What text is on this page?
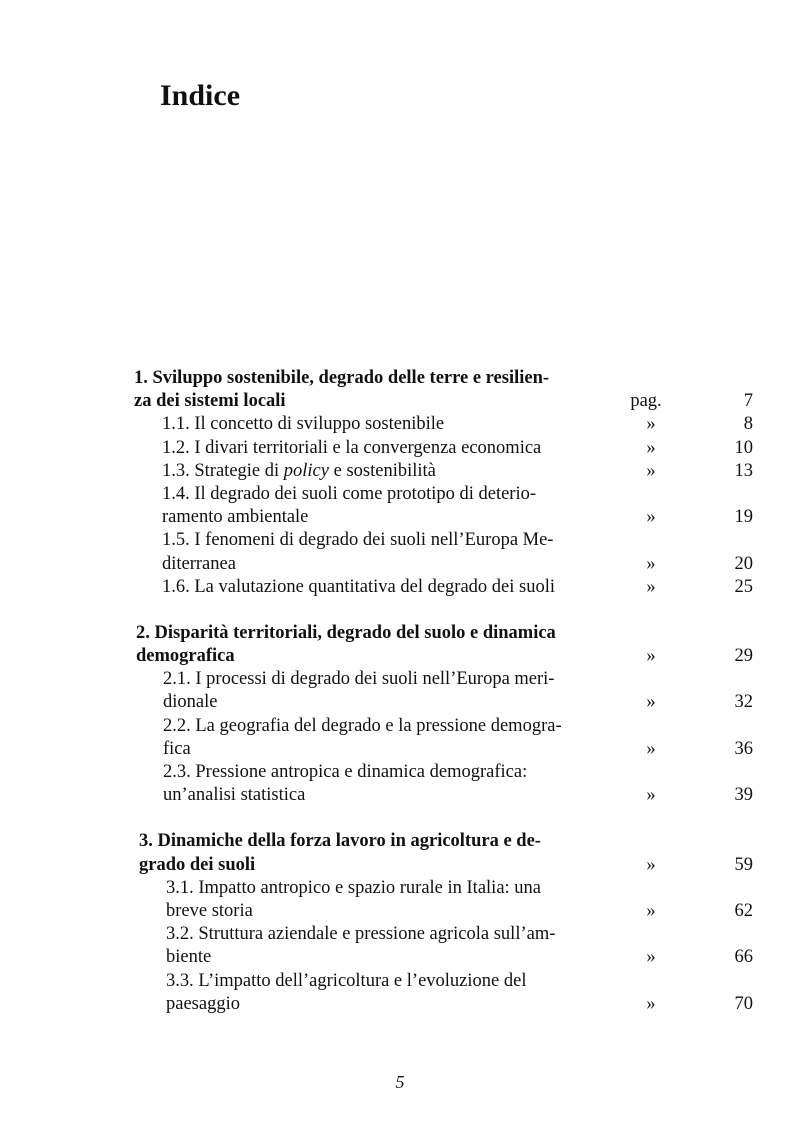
Indice
1. Sviluppo sostenibile, degrado delle terre e resilien-
za dei sistemi locali	pag.	7
1.1. Il concetto di sviluppo sostenibile	»	8
1.2. I divari territoriali e la convergenza economica	»	10
1.3. Strategie di policy e sostenibilità	»	13
1.4. Il degrado dei suoli come prototipo di deterio-
ramento ambientale	»	19
1.5. I fenomeni di degrado dei suoli nell’Europa Me-
diterranea	»	20
1.6. La valutazione quantitativa del degrado dei suoli	»	25
2. Disparità territoriali, degrado del suolo e dinamica
demografica	»	29
2.1. I processi di degrado dei suoli nell’Europa meri-
dionale	»	32
2.2. La geografia del degrado e la pressione demogra-
fica	»	36
2.3. Pressione antropica e dinamica demografica:
un’analisi statistica	»	39
3. Dinamiche della forza lavoro in agricoltura e de-
grado dei suoli	»	59
3.1. Impatto antropico e spazio rurale in Italia: una
breve storia	»	62
3.2. Struttura aziendale e pressione agricola sull’am-
biente	»	66
3.3. L’impatto dell’agricoltura e l’evoluzione del
paesaggio	»	70
5
